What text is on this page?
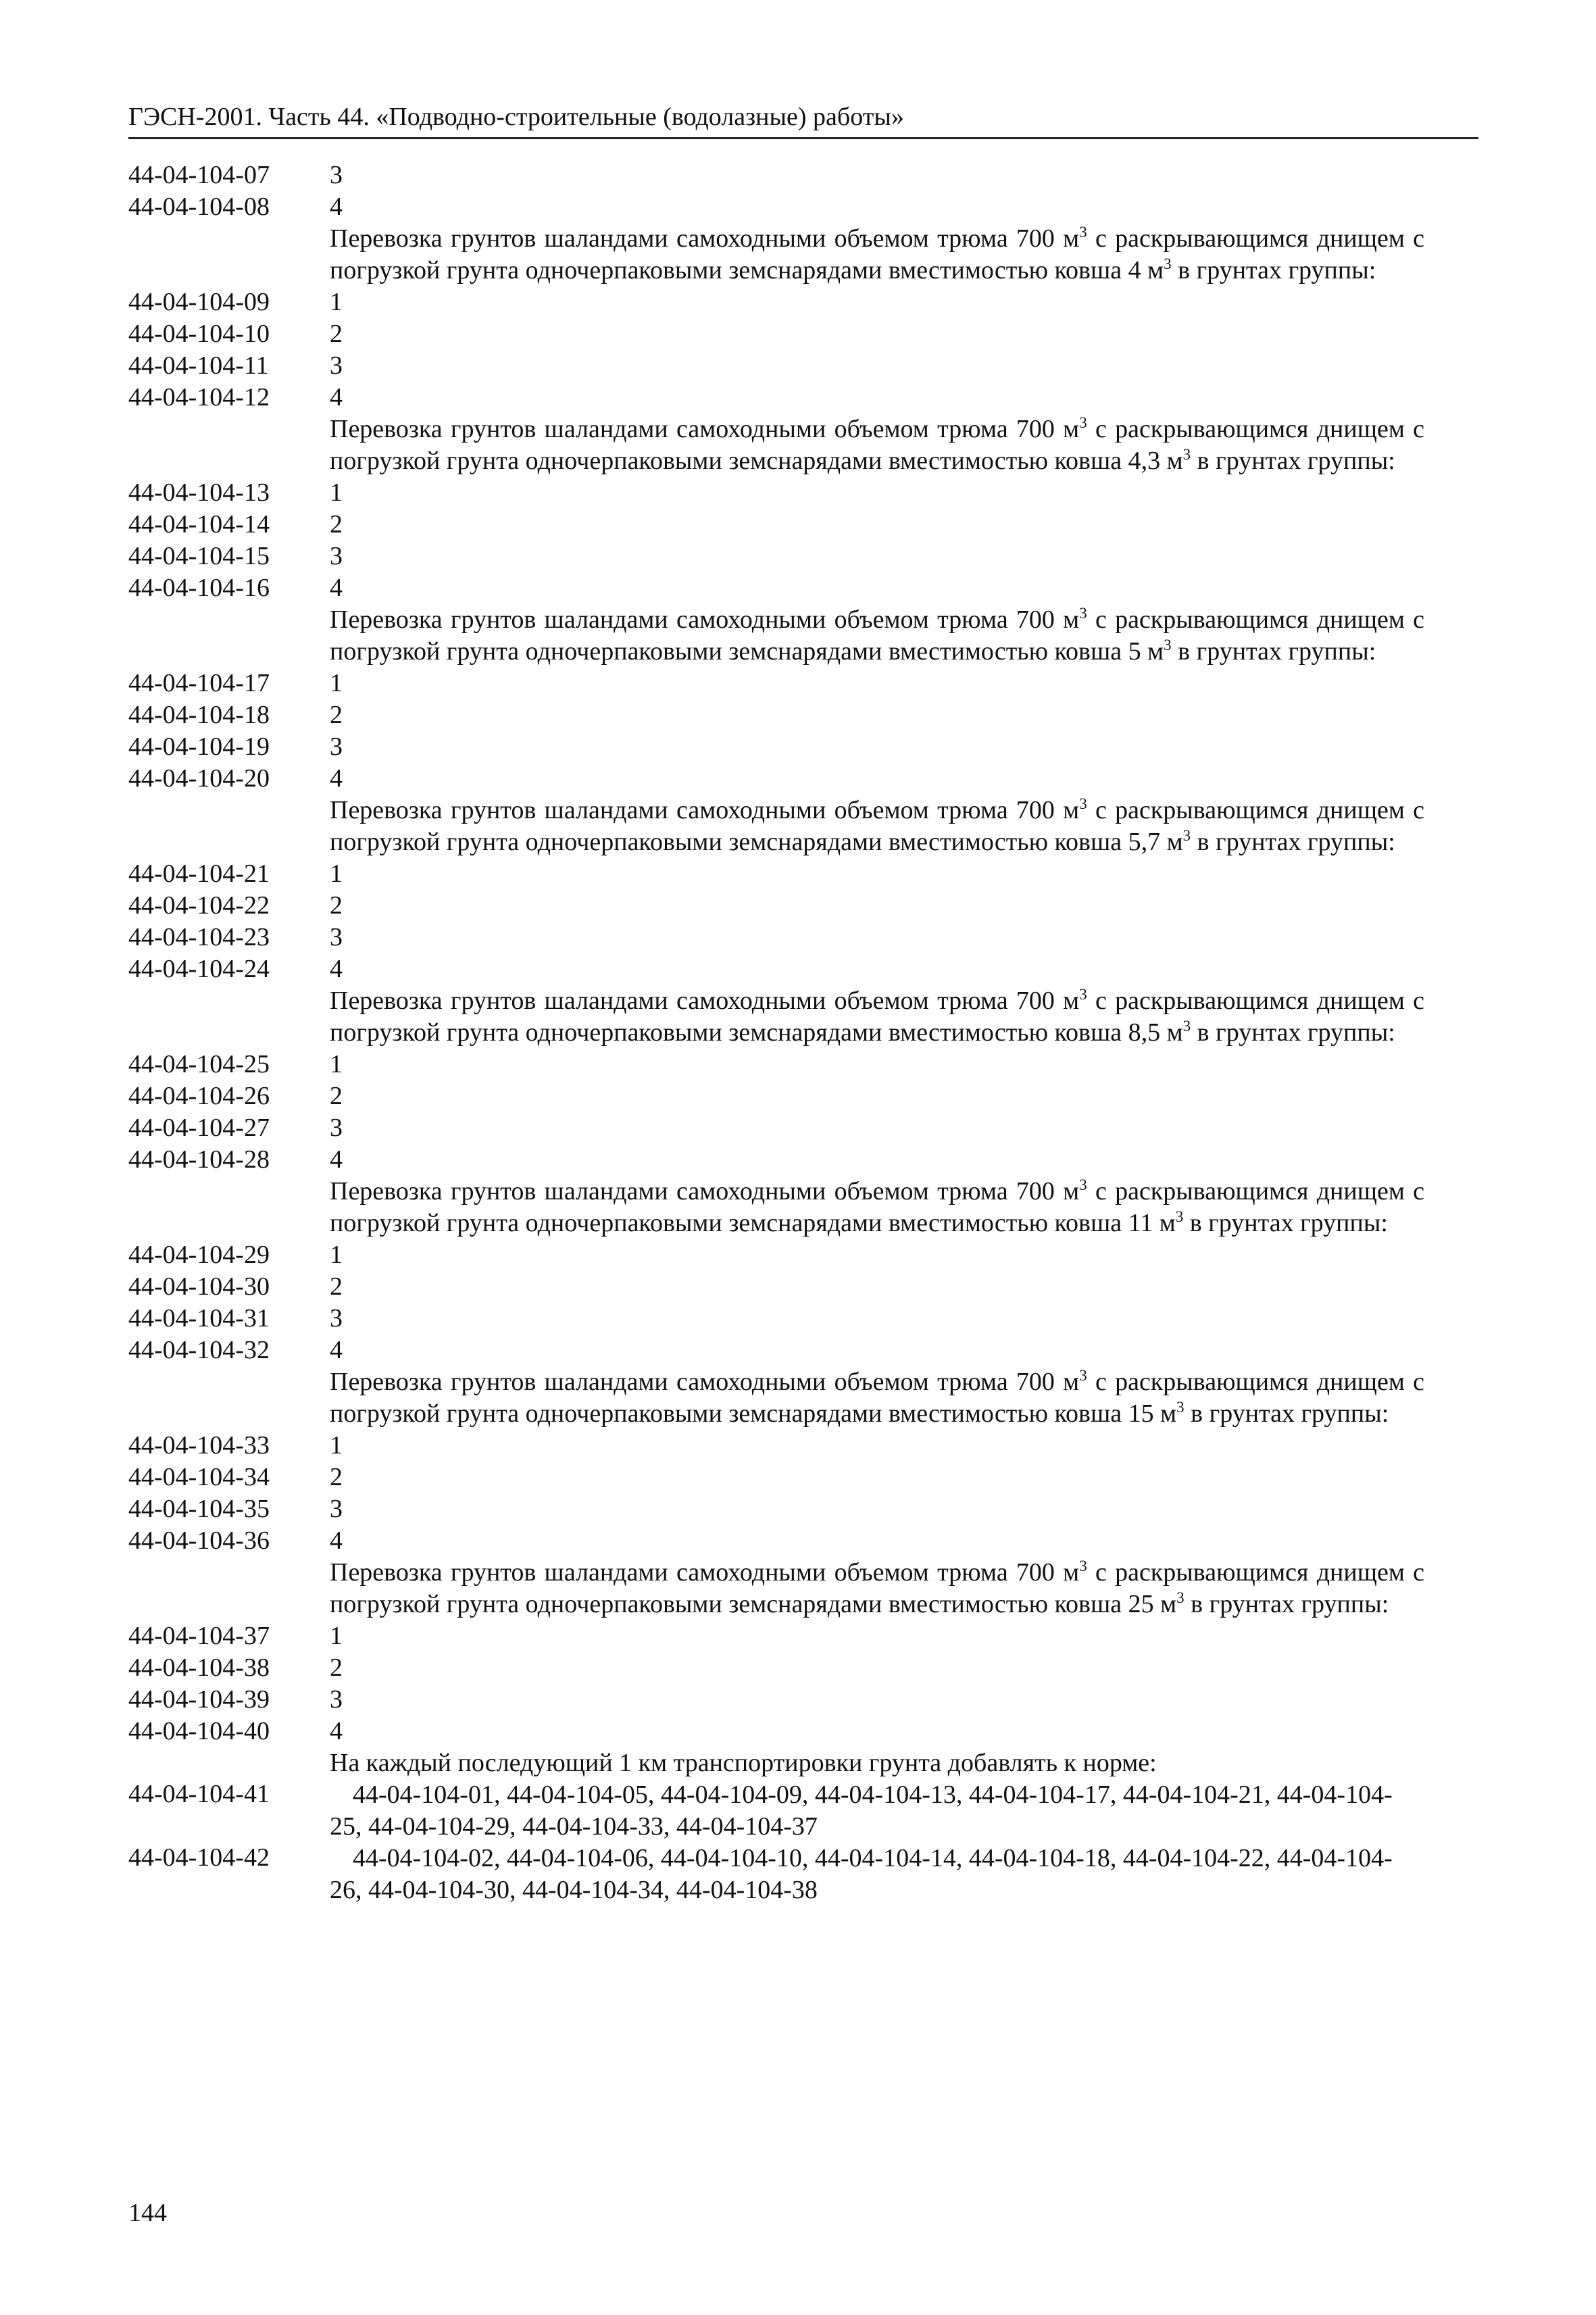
ГЭСН-2001. Часть 44. «Подводно-строительные (водолазные) работы»
44-04-104-07	3
44-04-104-08	4
Перевозка грунтов шаландами самоходными объемом трюма 700 $м^3$ с раскрывающимся днищем с погрузкой грунта одночерпаковыми земснарядами вместимостью ковша 4 $м^3$ в грунтах группы:
44-04-104-09	1
44-04-104-10	2
44-04-104-11	3
44-04-104-12	4
Перевозка грунтов шаландами самоходными объемом трюма 700 $м^3$ с раскрывающимся днищем с погрузкой грунта одночерпаковыми земснарядами вместимостью ковша 4,3 $м^3$ в грунтах группы:
44-04-104-13	1
44-04-104-14	2
44-04-104-15	3
44-04-104-16	4
Перевозка грунтов шаландами самоходными объемом трюма 700 $м^3$ с раскрывающимся днищем с погрузкой грунта одночерпаковыми земснарядами вместимостью ковша 5 $м^3$ в грунтах группы:
44-04-104-17	1
44-04-104-18	2
44-04-104-19	3
44-04-104-20	4
Перевозка грунтов шаландами самоходными объемом трюма 700 $м^3$ с раскрывающимся днищем с погрузкой грунта одночерпаковыми земснарядами вместимостью ковша 5,7 $м^3$ в грунтах группы:
44-04-104-21	1
44-04-104-22	2
44-04-104-23	3
44-04-104-24	4
Перевозка грунтов шаландами самоходными объемом трюма 700 $м^3$ с раскрывающимся днищем с погрузкой грунта одночерпаковыми земснарядами вместимостью ковша 8,5 $м^3$ в грунтах группы:
44-04-104-25	1
44-04-104-26	2
44-04-104-27	3
44-04-104-28	4
Перевозка грунтов шаландами самоходными объемом трюма 700 $м^3$ с раскрывающимся днищем с погрузкой грунта одночерпаковыми земснарядами вместимостью ковша 11 $м^3$ в грунтах группы:
44-04-104-29	1
44-04-104-30	2
44-04-104-31	3
44-04-104-32	4
Перевозка грунтов шаландами самоходными объемом трюма 700 $м^3$ с раскрывающимся днищем с погрузкой грунта одночерпаковыми земснарядами вместимостью ковша 15 $м^3$ в грунтах группы:
44-04-104-33	1
44-04-104-34	2
44-04-104-35	3
44-04-104-36	4
Перевозка грунтов шаландами самоходными объемом трюма 700 $м^3$ с раскрывающимся днищем с погрузкой грунта одночерпаковыми земснарядами вместимостью ковша 25 $м^3$ в грунтах группы:
44-04-104-37	1
44-04-104-38	2
44-04-104-39	3
44-04-104-40	4
На каждый последующий 1 км транспортировки грунта добавлять к норме:
44-04-104-41	44-04-104-01, 44-04-104-05, 44-04-104-09, 44-04-104-13, 44-04-104-17, 44-04-104-21, 44-04-104-25, 44-04-104-29, 44-04-104-33, 44-04-104-37
44-04-104-42	44-04-104-02, 44-04-104-06, 44-04-104-10, 44-04-104-14, 44-04-104-18, 44-04-104-22, 44-04-104-26, 44-04-104-30, 44-04-104-34, 44-04-104-38
144
